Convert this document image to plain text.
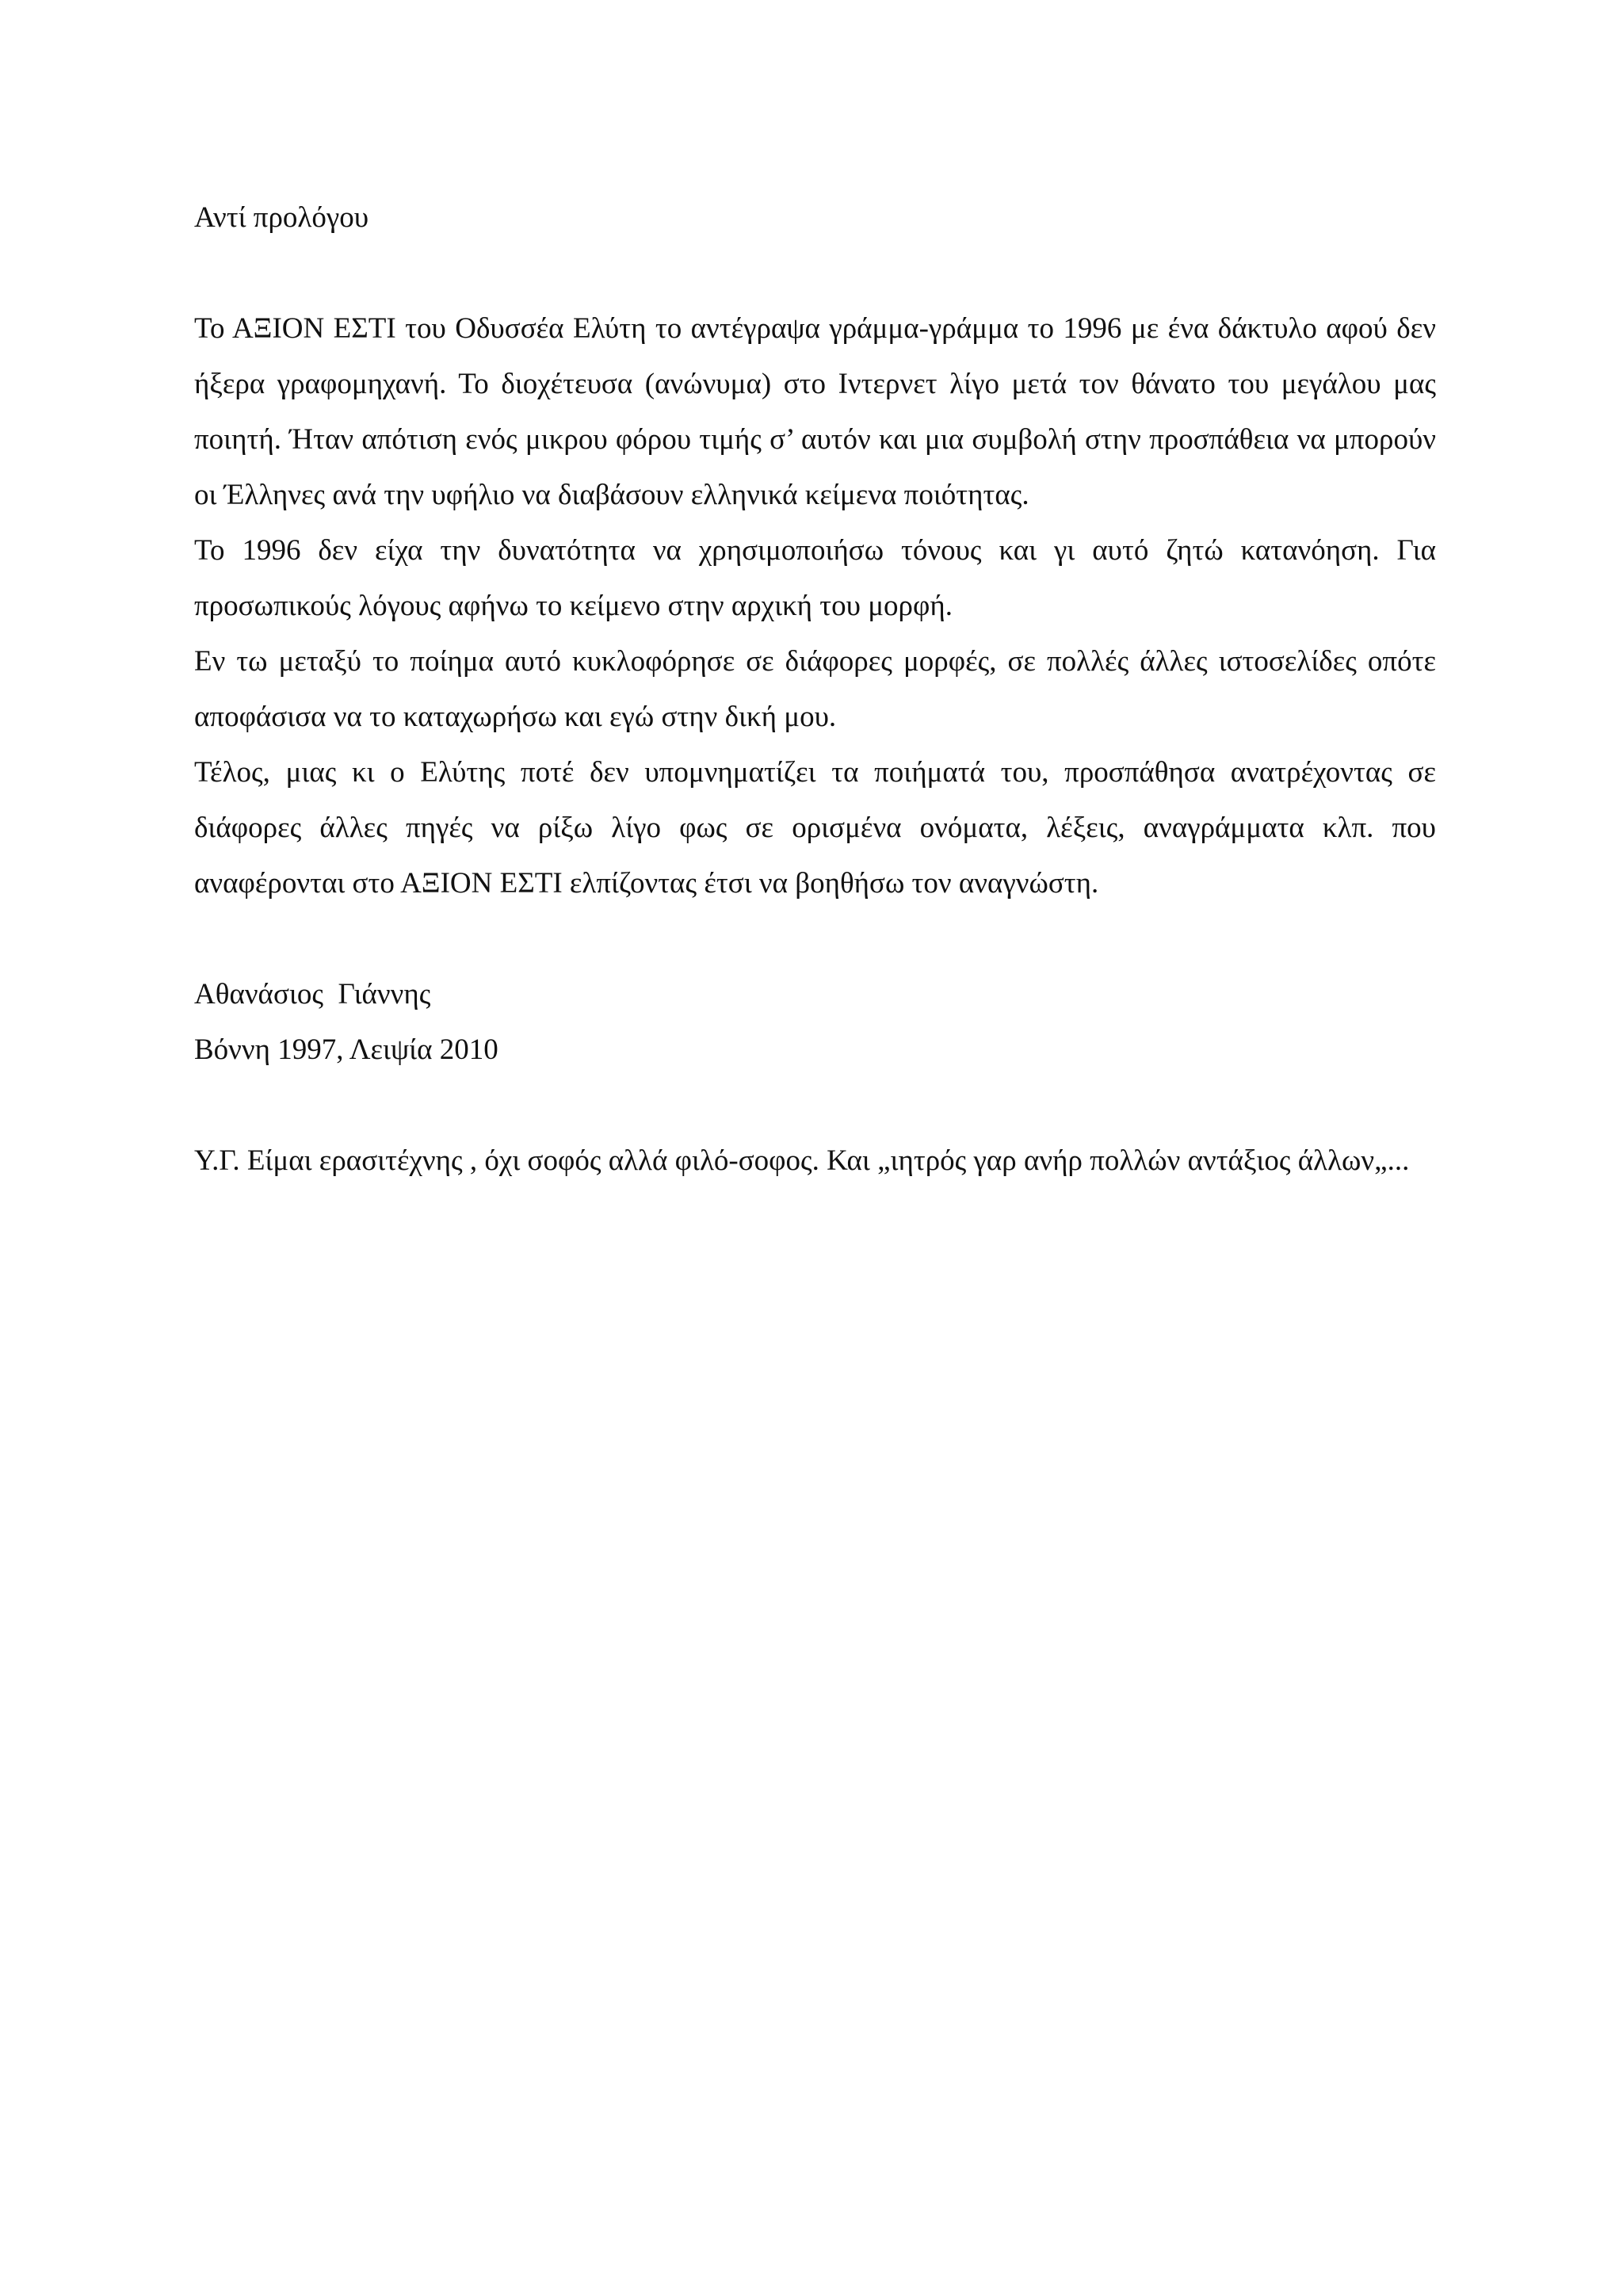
Αντί προλόγου

Το ΑΞΙΟΝ ΕΣΤΙ του Οδυσσέα Ελύτη το αντέγραψα γράμμα-γράμμα το 1996 με ένα δάκτυλο αφού δεν ήξερα γραφομηχανή. Το διοχέτευσα (ανώνυμα) στο Ιντερνετ λίγο μετά τον θάνατο του μεγάλου μας ποιητή. Ήταν απότιση ενός μικρου φόρου τιμής σ’ αυτόν και μια συμβολή στην προσπάθεια να μπορούν οι Έλληνες ανά την υφήλιο να διαβάσουν ελληνικά κείμενα ποιότητας.

Το 1996 δεν είχα την δυνατότητα να χρησιμοποιήσω τόνους και γι αυτό ζητώ κατανόηση. Για προσωπικούς λόγους αφήνω το κείμενο στην αρχική του μορφή.

Εν τω μεταξύ το ποίημα αυτό κυκλοφόρησε σε διάφορες μορφές, σε πολλές άλλες ιστοσελίδες οπότε αποφάσισα να το καταχωρήσω και εγώ στην δική μου.

Τέλος, μιας κι ο Ελύτης ποτέ δεν υπομνηματίζει τα ποιήματά του, προσπάθησα ανατρέχοντας σε διάφορες άλλες πηγές να ρίξω λίγο φως σε ορισμένα ονόματα, λέξεις, αναγράμματα κλπ. που αναφέρονται στο ΑΞΙΟΝ ΕΣΤΙ ελπίζοντας έτσι να βοηθήσω τον αναγνώστη.

Αθανάσιος  Γιάννης

Βόννη 1997, Λειψία 2010

Υ.Γ. Είμαι ερασιτέχνης , όχι σοφός αλλά φιλό-σοφος. Και „ιητρός γαρ ανήρ πολλών αντάξιος άλλων„...
